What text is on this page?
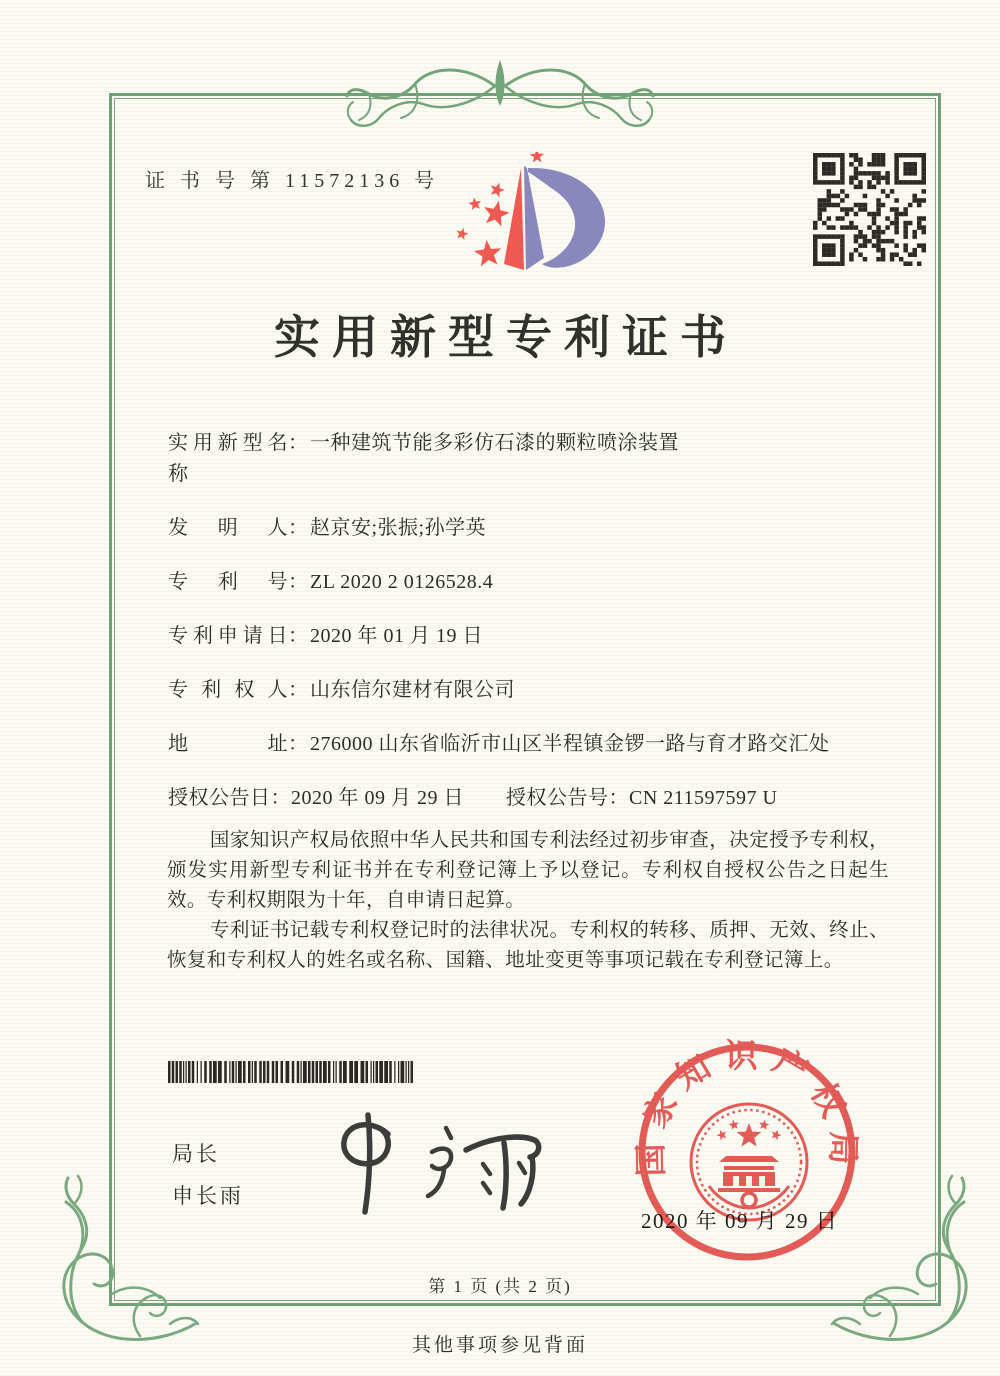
证 书 号 第 11572136 号
实用新型专利证书
实用新型名称
： 一种建筑节能多彩仿石漆的颗粒喷涂装置
发明人 ： 赵京安;张振;孙学英
专利号 ： ZL 2020 2 0126528.4
专利申请日 ： 2020 年 01 月 19 日
专利权人 ： 山东信尔建材有限公司
地址 ： 276000 山东省临沂市山区半程镇金锣一路与育才路交汇处
授权公告日 ： 2020 年 09 月 29 日 授权公告号 ： CN 211597597 U

国家知识产权局依照中华人民共和国专利法经过初步审查，决定授予专利权，颁发实用新型专利证书并在专利登记簿上予以登记。专利权自授权公告之日起生效。专利权期限为十年，自申请日起算。

专利证书记载专利权登记时的法律状况。专利权的转移、质押、无效、终止、恢复和专利权人的姓名或名称、国籍、地址变更等事项记载在专利登记簿上。

局长
申长雨
2020 年 09 月 29 日
国家知识产权局
第 1 页 (共 2 页)
其他事项参见背面
